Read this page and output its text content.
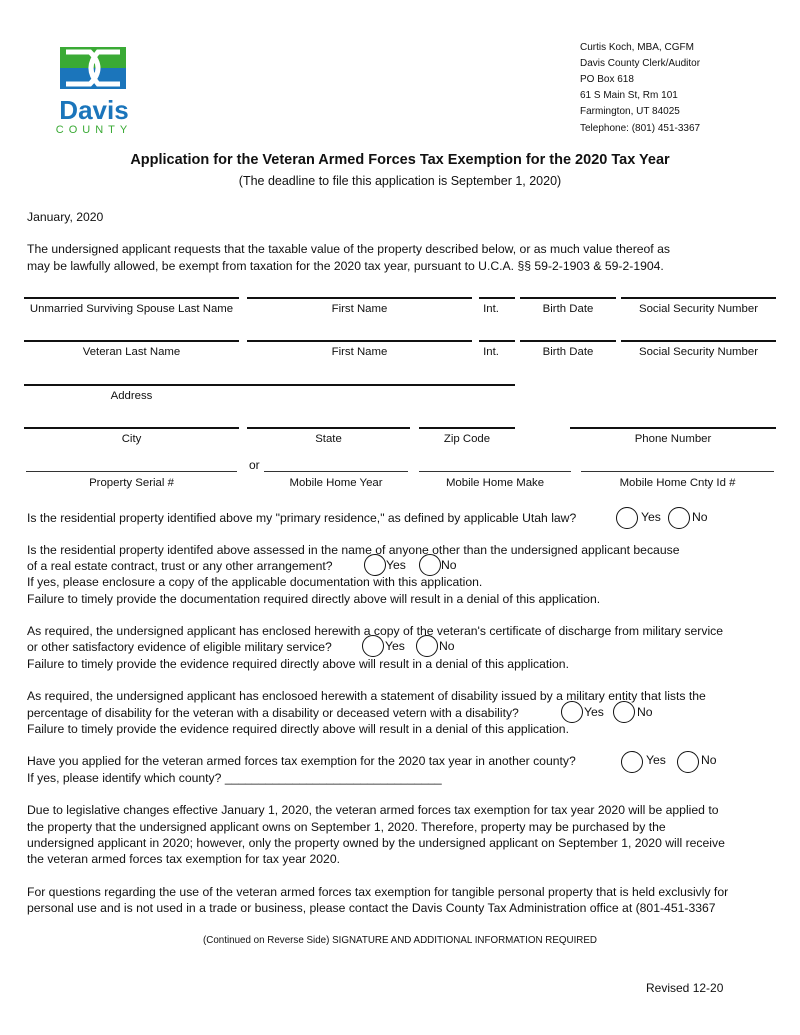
Davis
COUNTY
Curtis Koch, MBA, CGFM
Davis County Clerk/Auditor
PO Box 618
61 S Main St, Rm 101
Farmington, UT 84025
Telephone: (801) 451-3367
Application for the Veteran Armed Forces Tax Exemption for the 2020 Tax Year
(The deadline to file this application is September 1, 2020)
January, 2020
The undersigned applicant requests that the taxable value of the property described below, or as much value thereof as
may be lawfully allowed, be exempt from taxation for the 2020 tax year, pursuant to U.C.A. §§ 59-2-1903 & 59-2-1904.
Unmarried Surviving Spouse Last Name	First Name	Int.	Birth Date	Social Security Number
Veteran Last Name	First Name	Int.	Birth Date	Social Security Number
Address
City	State	Zip Code	Phone Number
or
Property Serial #	Mobile Home Year	Mobile Home Make	Mobile Home Cnty Id #
Is the residential property identified above my "primary residence," as defined by applicable Utah law?	Yes	No
Is the residential property identifed above assessed in the name of anyone other than the undersigned applicant because
of a real estate contract, trust or any other arrangement?	Yes	No
If yes, please enclosure a copy of the applicable documentation with this application.
Failure to timely provide the documentation required directly above will result in a denial of this application.
As required, the undersigned applicant has enclosed herewith a copy of the veteran's certificate of discharge from military service
or other satisfactory evidence of eligible military service?	Yes	No
Failure to timely provide the evidence required directly above will result in a denial of this application.
As required, the undersigned applicant has enclosoed herewith a statement of disability issued by a military entity that lists the
percentage of disability for the veteran with a disability or deceased vetern with a disability?	Yes	No
Failure to timely provide the evidence required directly above will result in a denial of this application.
Have you applied for the veteran armed forces tax exemption for the 2020 tax year in another county?	Yes	No
If yes, please identify which county? ________________________________
Due to legislative changes effective January 1, 2020, the veteran armed forces tax exemption for tax year 2020 will be applied to
the property that the undersigned applicant owns on September 1, 2020. Therefore, property may be purchased by the
undersigned applicant in 2020; however, only the property owned by the undersigned applicant on September 1, 2020 will receive
the veteran armed forces tax exemption for tax year 2020.
For questions regarding the use of the veteran armed forces tax exemption for tangible personal property that is held exclusivly for
personal use and is not used in a trade or business, please contact the Davis County Tax Administration office at (801-451-3367
(Continued on Reverse Side) SIGNATURE AND ADDITIONAL INFORMATION REQUIRED
Revised 12-20
